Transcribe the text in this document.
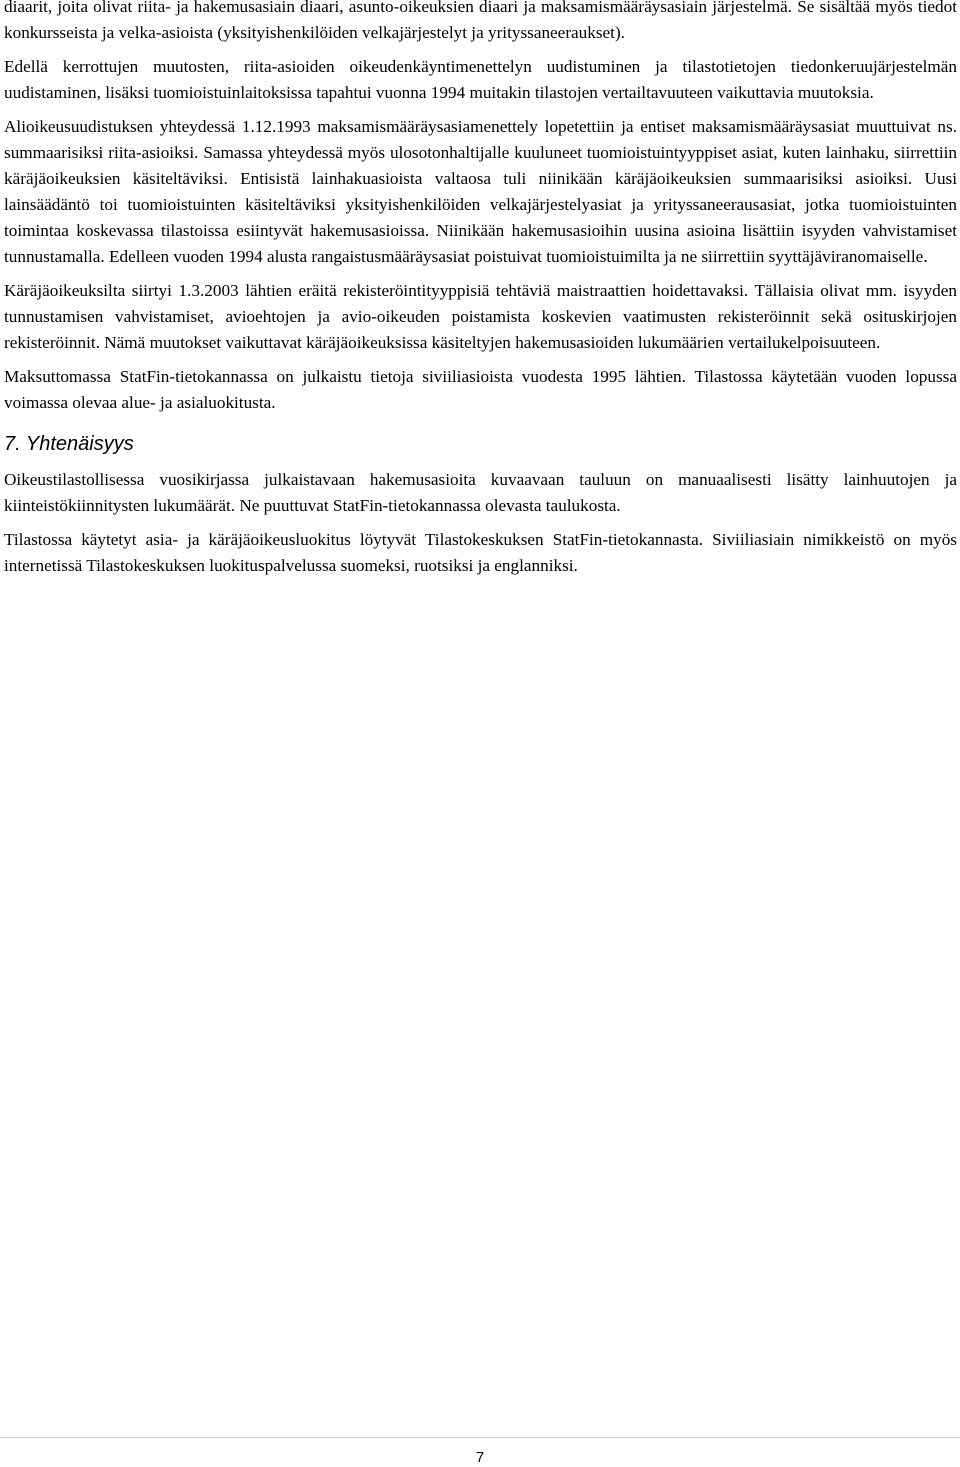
diaarit, joita olivat riita- ja hakemusasiain diaari, asunto-oikeuksien diaari ja maksamismääräysasiain järjestelmä. Se sisältää myös tiedot konkursseista ja velka-asioista (yksityishenkilöiden velkajärjestelyt ja yrityssaneeraukset).

Edellä kerrottujen muutosten, riita-asioiden oikeudenkäyntimenettelyn uudistuminen ja tilastotietojen tiedonkeruujärjestelmän uudistaminen, lisäksi tuomioistuinlaitoksissa tapahtui vuonna 1994 muitakin tilastojen vertailtavuuteen vaikuttavia muutoksia.

Alioikeusuudistuksen yhteydessä 1.12.1993 maksamismääräysasiamenettely lopetettiin ja entiset maksamismääräysasiat muuttuivat ns. summaarisiksi riita-asioiksi. Samassa yhteydessä myös ulosotonhaltijalle kuuluneet tuomioistuintyyppiset asiat, kuten lainhaku, siirrettiin käräjäoikeuksien käsiteltäviksi. Entisistä lainhakuasioista valtaosa tuli niinikään käräjäoikeuksien summaarisiksi asioiksi. Uusi lainsäädäntö toi tuomioistuinten käsiteltäviksi yksityishenkilöiden velkajärjestelyasiat ja yrityssaneerausasiat, jotka tuomioistuinten toimintaa koskevassa tilastoissa esiintyvät hakemusasioissa. Niinikään hakemusasioihin uusina asioina lisättiin isyyden vahvistamiset tunnustamalla. Edelleen vuoden 1994 alusta rangaistusmääräysasiat poistuivat tuomioistuimilta ja ne siirrettiin syyttäjäviranomaiselle.

Käräjäoikeuksilta siirtyi 1.3.2003 lähtien eräitä rekisteröintityyppisiä tehtäviä maistraattien hoidettavaksi. Tällaisia olivat mm. isyyden tunnustamisen vahvistamiset, avioehtojen ja avio-oikeuden poistamista koskevien vaatimusten rekisteröinnit sekä osituskirjojen rekisteröinnit. Nämä muutokset vaikuttavat käräjäoikeuksissa käsiteltyjen hakemusasioiden lukumäärien vertailukelpoisuuteen.

Maksuttomassa StatFin-tietokannassa on julkaistu tietoja siviiliasioista vuodesta 1995 lähtien. Tilastossa käytetään vuoden lopussa voimassa olevaa alue- ja asialuokitusta.

7. Yhtenäisyys

Oikeustilastollisessa vuosikirjassa julkaistavaan hakemusasioita kuvaavaan tauluun on manuaalisesti lisätty lainhuutojen ja kiinteistökiinnitysten lukumäärät. Ne puuttuvat StatFin-tietokannassa olevasta taulukosta.

Tilastossa käytetyt asia- ja käräjäoikeusluokitus löytyvät Tilastokeskuksen StatFin-tietokannasta. Siviiliasiain nimikkeistö on myös internetissä Tilastokeskuksen luokituspalvelussa suomeksi, ruotsiksi ja englanniksi.

7
